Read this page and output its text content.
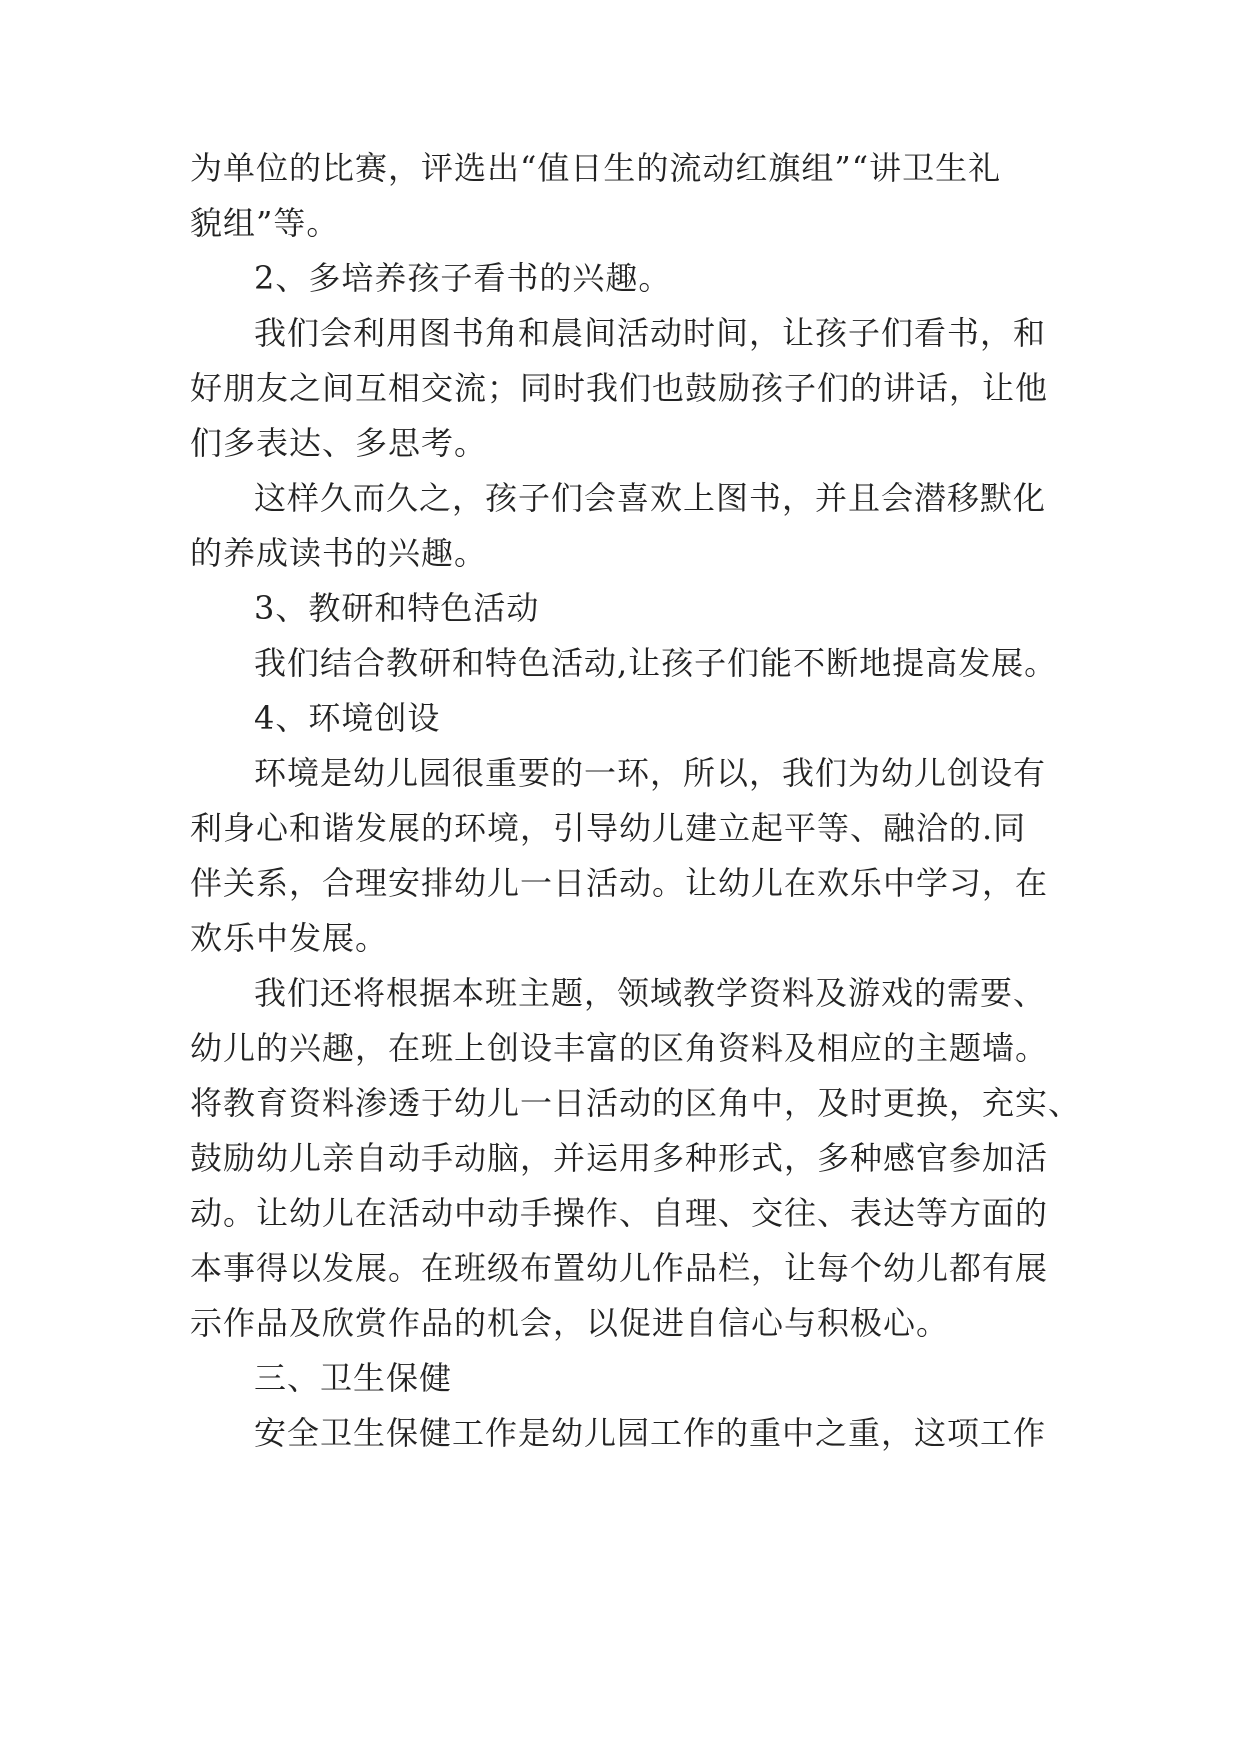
为单位的比赛，评选出“值日生的流动红旗组”“讲卫生礼
貌组”等。
2、多培养孩子看书的兴趣。
我们会利用图书角和晨间活动时间，让孩子们看书，和
好朋友之间互相交流；同时我们也鼓励孩子们的讲话，让他
们多表达、多思考。
这样久而久之，孩子们会喜欢上图书，并且会潜移默化
的养成读书的兴趣。
3、教研和特色活动
我们结合教研和特色活动,让孩子们能不断地提高发展。
4、环境创设
环境是幼儿园很重要的一环，所以，我们为幼儿创设有
利身心和谐发展的环境，引导幼儿建立起平等、融洽的.同
伴关系，合理安排幼儿一日活动。让幼儿在欢乐中学习，在
欢乐中发展。
我们还将根据本班主题，领域教学资料及游戏的需要、
幼儿的兴趣，在班上创设丰富的区角资料及相应的主题墙。
将教育资料渗透于幼儿一日活动的区角中，及时更换，充实、
鼓励幼儿亲自动手动脑，并运用多种形式，多种感官参加活
动。让幼儿在活动中动手操作、自理、交往、表达等方面的
本事得以发展。在班级布置幼儿作品栏，让每个幼儿都有展
示作品及欣赏作品的机会，以促进自信心与积极心。
三、卫生保健
安全卫生保健工作是幼儿园工作的重中之重，这项工作
